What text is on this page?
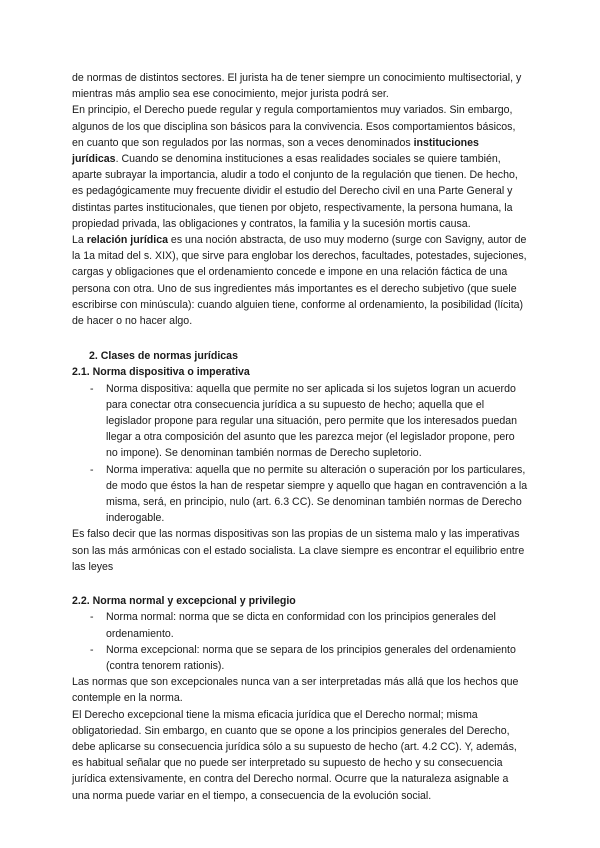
de normas de distintos sectores. El jurista ha de tener siempre un conocimiento multisectorial, y mientras más amplio sea ese conocimiento, mejor jurista podrá ser.

En principio, el Derecho puede regular y regula comportamientos muy variados. Sin embargo, algunos de los que disciplina son básicos para la convivencia. Esos comportamientos básicos, en cuanto que son regulados por las normas, son a veces denominados instituciones jurídicas. Cuando se denomina instituciones a esas realidades sociales se quiere también, aparte subrayar la importancia, aludir a todo el conjunto de la regulación que tienen. De hecho, es pedagógicamente muy frecuente dividir el estudio del Derecho civil en una Parte General y distintas partes institucionales, que tienen por objeto, respectivamente, la persona humana, la propiedad privada, las obligaciones y contratos, la familia y la sucesión mortis causa.

La relación jurídica es una noción abstracta, de uso muy moderno (surge con Savigny, autor de la 1a mitad del s. XIX), que sirve para englobar los derechos, facultades, potestades, sujeciones, cargas y obligaciones que el ordenamiento concede e impone en una relación fáctica de una persona con otra. Uno de sus ingredientes más importantes es el derecho subjetivo (que suele escribirse con minúscula): cuando alguien tiene, conforme al ordenamiento, la posibilidad (lícita) de hacer o no hacer algo.

2. Clases de normas jurídicas

2.1. Norma dispositiva o imperativa

- Norma dispositiva: aquella que permite no ser aplicada si los sujetos logran un acuerdo para conectar otra consecuencia jurídica a su supuesto de hecho; aquella que el legislador propone para regular una situación, pero permite que los interesados puedan llegar a otra composición del asunto que les parezca mejor (el legislador propone, pero no impone). Se denominan también normas de Derecho supletorio.
- Norma imperativa: aquella que no permite su alteración o superación por los particulares, de modo que éstos la han de respetar siempre y aquello que hagan en contravención a la misma, será, en principio, nulo (art. 6.3 CC). Se denominan también normas de Derecho inderogable.

Es falso decir que las normas dispositivas son las propias de un sistema malo y las imperativas son las más armónicas con el estado socialista. La clave siempre es encontrar el equilibrio entre las leyes

2.2. Norma normal y excepcional y privilegio

- Norma normal: norma que se dicta en conformidad con los principios generales del ordenamiento.
- Norma excepcional: norma que se separa de los principios generales del ordenamiento (contra tenorem rationis).

Las normas que son excepcionales nunca van a ser interpretadas más allá que los hechos que contemple en la norma.

El Derecho excepcional tiene la misma eficacia jurídica que el Derecho normal; misma obligatoriedad. Sin embargo, en cuanto que se opone a los principios generales del Derecho, debe aplicarse su consecuencia jurídica sólo a su supuesto de hecho (art. 4.2 CC). Y, además, es habitual señalar que no puede ser interpretado su supuesto de hecho y su consecuencia jurídica extensivamente, en contra del Derecho normal. Ocurre que la naturaleza asignable a una norma puede variar en el tiempo, a consecuencia de la evolución social.
